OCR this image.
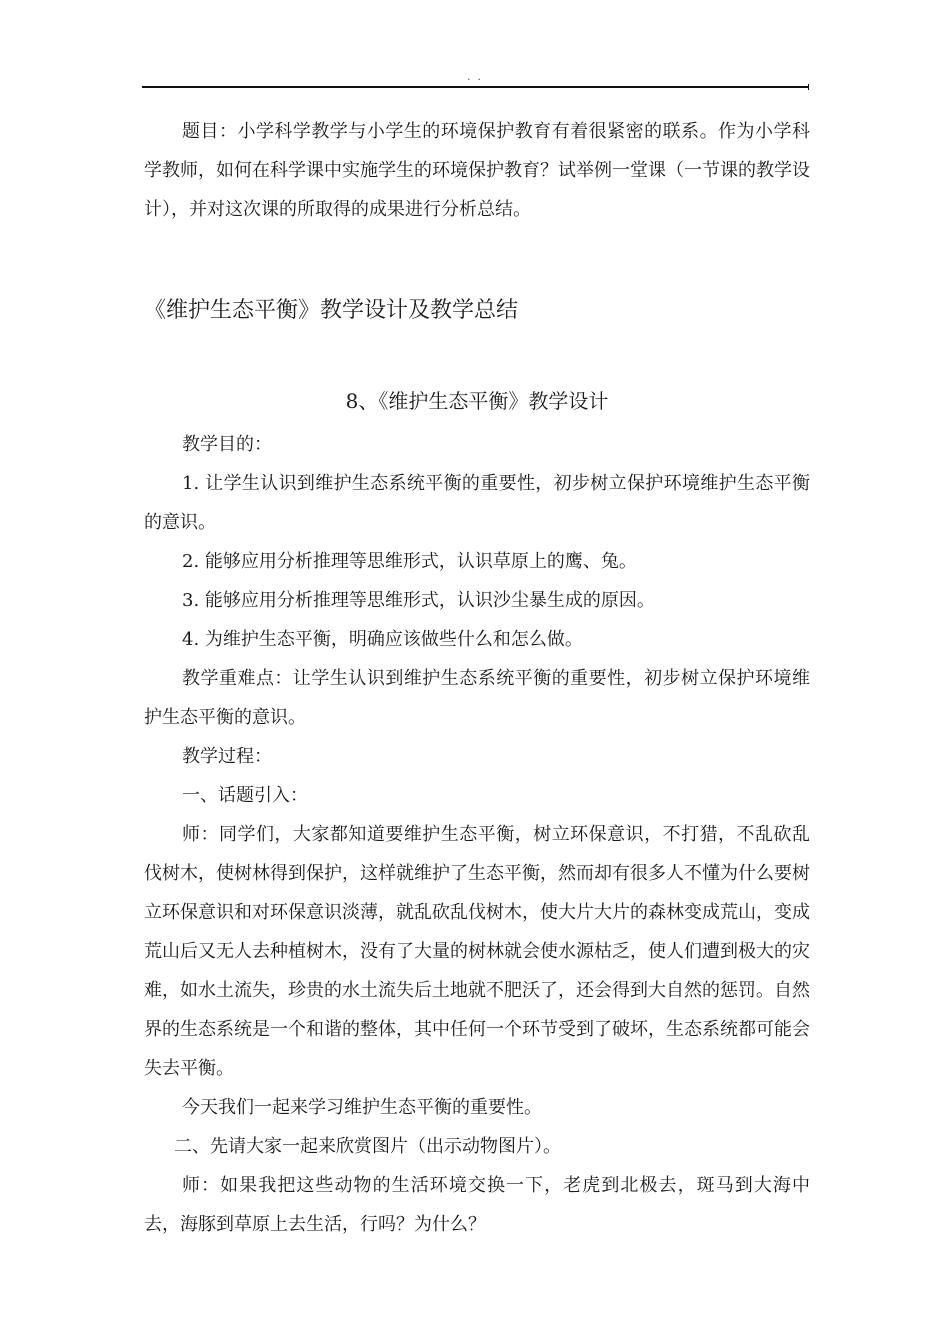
. .

题目：小学科学教学与小学生的环境保护教育有着很紧密的联系。作为小学科学教师，如何在科学课中实施学生的环境保护教育？试举例一堂课（一节课的教学设计），并对这次课的所取得的成果进行分析总结。

《维护生态平衡》教学设计及教学总结

8、《维护生态平衡》教学设计

教学目的：

1. 让学生认识到维护生态系统平衡的重要性，初步树立保护环境维护生态平衡的意识。

2. 能够应用分析推理等思维形式，认识草原上的鹰、兔。

3. 能够应用分析推理等思维形式，认识沙尘暴生成的原因。

4. 为维护生态平衡，明确应该做些什么和怎么做。

教学重难点：让学生认识到维护生态系统平衡的重要性，初步树立保护环境维护生态平衡的意识。

教学过程：

一、话题引入：

师：同学们，大家都知道要维护生态平衡，树立环保意识，不打猎，不乱砍乱伐树木，使树林得到保护，这样就维护了生态平衡，然而却有很多人不懂为什么要树立环保意识和对环保意识淡薄，就乱砍乱伐树木，使大片大片的森林变成荒山，变成荒山后又无人去种植树木，没有了大量的树林就会使水源枯乏，使人们遭到极大的灾难，如水土流失，珍贵的水土流失后土地就不肥沃了，还会得到大自然的惩罚。自然界的生态系统是一个和谐的整体，其中任何一个环节受到了破坏，生态系统都可能会失去平衡。

今天我们一起来学习维护生态平衡的重要性。

二、先请大家一起来欣赏图片（出示动物图片）。

师：如果我把这些动物的生活环境交换一下，老虎到北极去，斑马到大海中去，海豚到草原上去生活，行吗？为什么？
